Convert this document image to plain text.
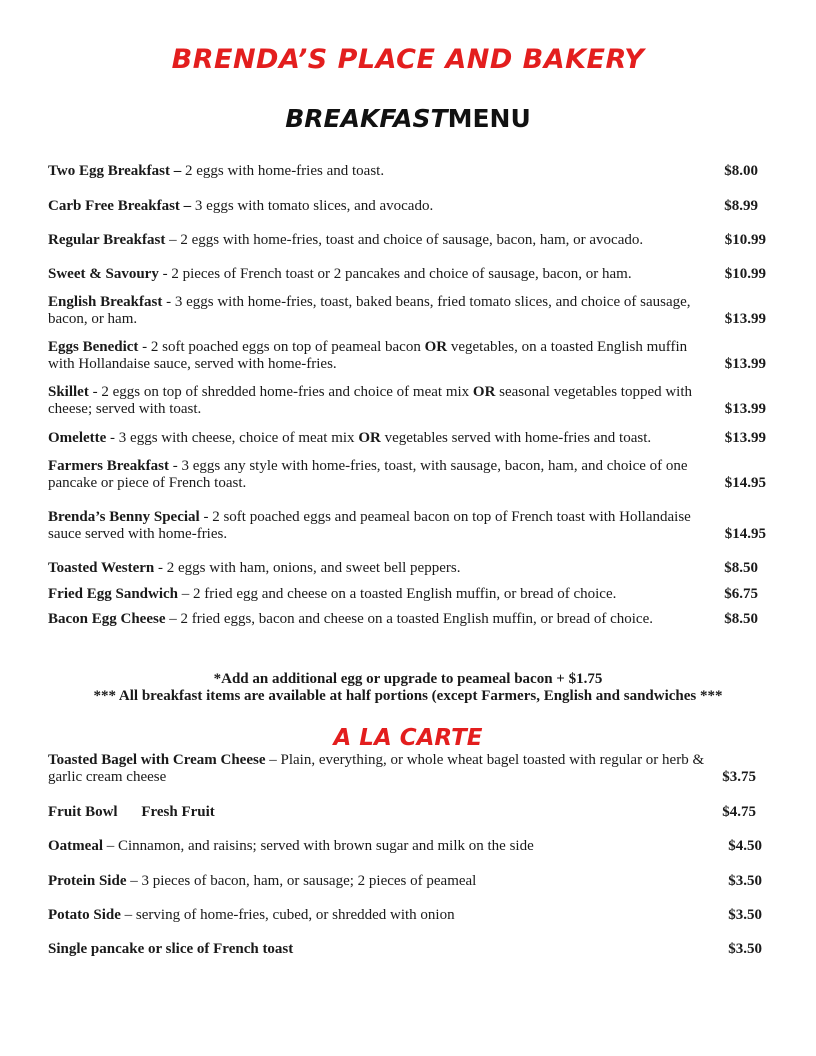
BRENDA’S PLACE AND BAKERY
BREAKFASTMENU
Two Egg Breakfast – 2 eggs with home-fries and toast.	$8.00
Carb Free Breakfast – 3 eggs with tomato slices, and avocado.	$8.99
Regular Breakfast – 2 eggs with home-fries, toast and choice of sausage, bacon, ham, or avocado.	$10.99
Sweet & Savoury - 2 pieces of French toast or 2 pancakes and choice of sausage, bacon, or ham.	$10.99
English Breakfast - 3 eggs with home-fries, toast, baked beans, fried tomato slices, and choice of sausage,
bacon, or ham.	$13.99
Eggs Benedict - 2 soft poached eggs on top of peameal bacon OR vegetables, on a toasted English muffin
with Hollandaise sauce, served with home-fries.	$13.99
Skillet - 2 eggs on top of shredded home-fries and choice of meat mix OR seasonal vegetables topped with
cheese; served with toast.	$13.99
Omelette - 3 eggs with cheese, choice of meat mix OR vegetables served with home-fries and toast.	$13.99
Farmers Breakfast - 3 eggs any style with home-fries, toast, with sausage, bacon, ham, and choice of one
pancake or piece of French toast.	$14.95
Brenda’s Benny Special - 2 soft poached eggs and peameal bacon on top of French toast with Hollandaise
sauce served with home-fries.	$14.95
Toasted Western - 2 eggs with ham, onions, and sweet bell peppers.	$8.50
Fried Egg Sandwich – 2 fried egg and cheese on a toasted English muffin, or bread of choice.	$6.75
Bacon Egg Cheese – 2 fried eggs, bacon and cheese on a toasted English muffin, or bread of choice.	$8.50
*Add an additional egg or upgrade to peameal bacon + $1.75
*** All breakfast items are available at half portions (except Farmers, English and sandwiches ***
A LA CARTE
Toasted Bagel with Cream Cheese – Plain, everything, or whole wheat bagel toasted with regular or herb &
garlic cream cheese	$3.75
Fruit Bowl Fresh Fruit	$4.75
Oatmeal – Cinnamon, and raisins; served with brown sugar and milk on the side	$4.50
Protein Side – 3 pieces of bacon, ham, or sausage; 2 pieces of peameal	$3.50
Potato Side – serving of home-fries, cubed, or shredded with onion	$3.50
Single pancake or slice of French toast	$3.50
